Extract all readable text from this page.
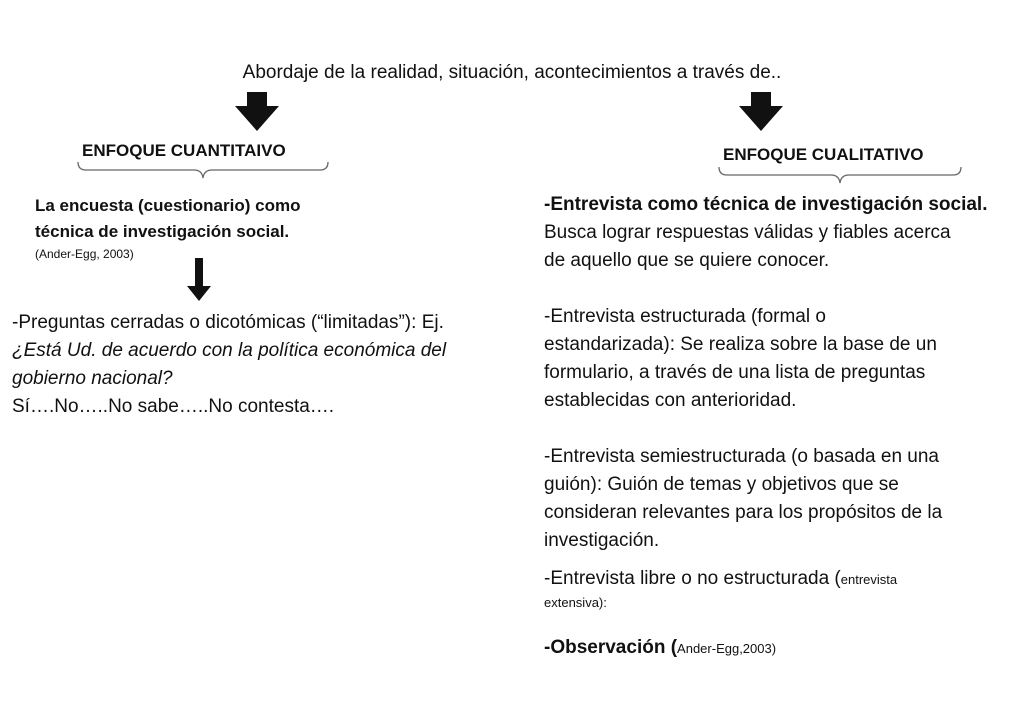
Abordaje de la realidad, situación, acontecimientos a través de..
ENFOQUE CUANTITAIVO	ENFOQUE CUALITATIVO
La encuesta (cuestionario) como
técnica de investigación social.
(Ander-Egg, 2003)
-Preguntas cerradas o dicotómicas (“limitadas”): Ej.
¿Está Ud. de acuerdo con la política económica del
gobierno nacional?
Sí….No…..No sabe…..No contesta….
-Entrevista como técnica de investigación social.
Busca lograr respuestas válidas y fiables acerca
de aquello que se quiere conocer.
-Entrevista estructurada (formal o
estandarizada): Se realiza sobre la base de un
formulario, a través de una lista de preguntas
establecidas con anterioridad.
-Entrevista semiestructurada (o basada en una
guión): Guión de temas y objetivos que se
consideran relevantes para los propósitos de la
investigación.
-Entrevista libre o no estructurada (entrevista
extensiva):
-Observación (Ander-Egg,2003)
